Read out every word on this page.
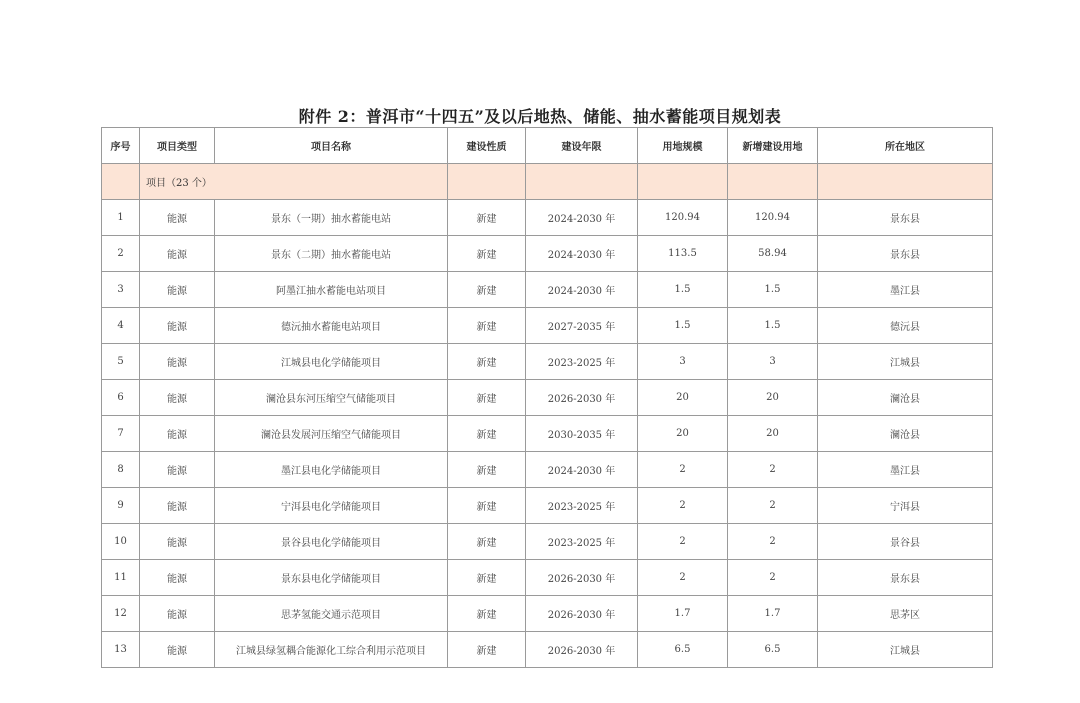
附件 2：普洱市“十四五”及以后地热、储能、抽水蓄能项目规划表
序号	项目类型	项目名称	建设性质	建设年限	用地规模	新增建设用地	所在地区
	项目（23 个）						
1	能源	景东（一期）抽水蓄能电站	新建	2024-2030 年	120.94	120.94	景东县
2	能源	景东（二期）抽水蓄能电站	新建	2024-2030 年	113.5	58.94	景东县
3	能源	阿墨江抽水蓄能电站项目	新建	2024-2030 年	1.5	1.5	墨江县
4	能源	德沅抽水蓄能电站项目	新建	2027-2035 年	1.5	1.5	德沅县
5	能源	江城县电化学储能项目	新建	2023-2025 年	3	3	江城县
6	能源	澜沧县东河压缩空气储能项目	新建	2026-2030 年	20	20	澜沧县
7	能源	澜沧县发展河压缩空气储能项目	新建	2030-2035 年	20	20	澜沧县
8	能源	墨江县电化学储能项目	新建	2024-2030 年	2	2	墨江县
9	能源	宁洱县电化学储能项目	新建	2023-2025 年	2	2	宁洱县
10	能源	景谷县电化学储能项目	新建	2023-2025 年	2	2	景谷县
11	能源	景东县电化学储能项目	新建	2026-2030 年	2	2	景东县
12	能源	思茅氢能交通示范项目	新建	2026-2030 年	1.7	1.7	思茅区
13	能源	江城县绿氢耦合能源化工综合利用示范项目	新建	2026-2030 年	6.5	6.5	江城县
